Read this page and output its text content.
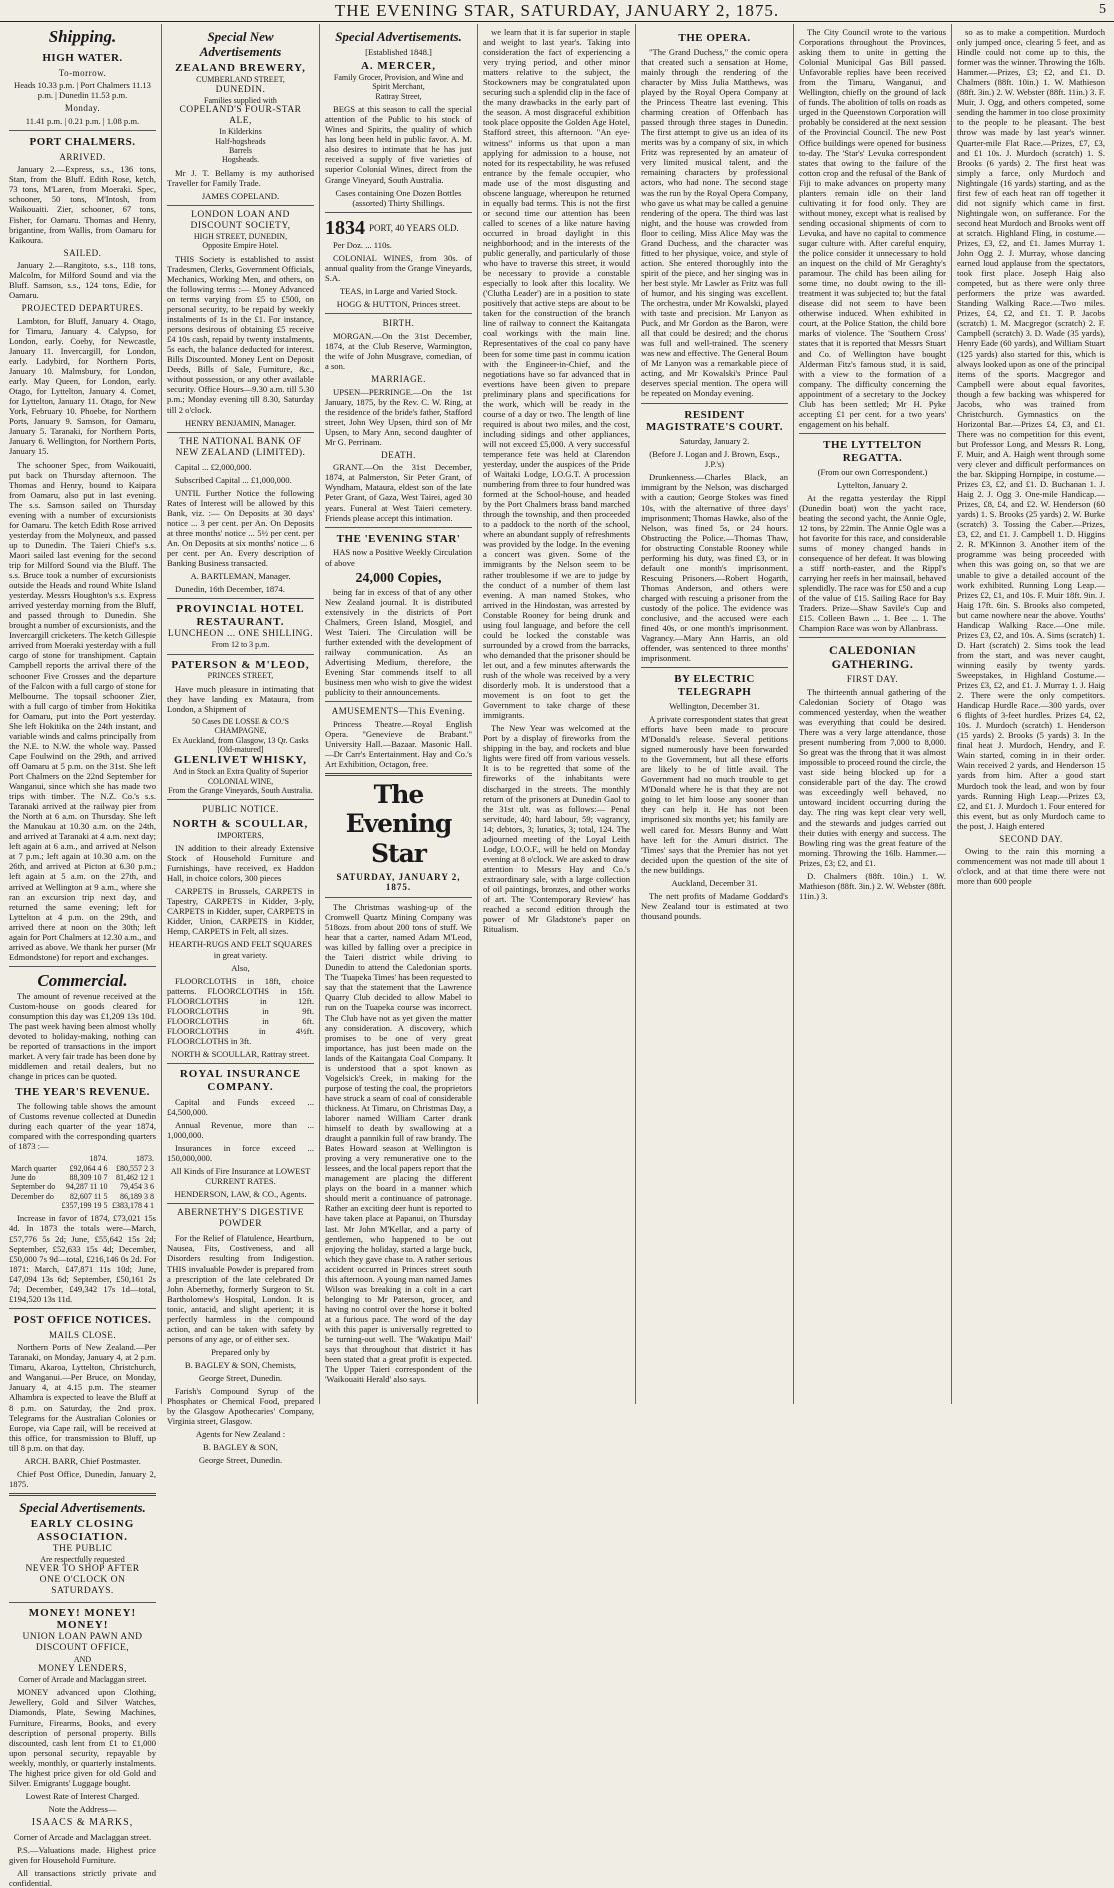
THE EVENING STAR, SATURDAY, JANUARY 2, 1875.	5
Shipping.
HIGH WATER.
To-morrow.

Heads 10.33 p.m. | Port Chalmers 11.13 p.m. | Dunedin 11.53 p.m.

Monday.

11.41 p.m. | 0.21 p.m. | 1.08 p.m.

PORT CHALMERS.
ARRIVED.

January 2.—Express, s.s., 136 tons, Stan, from the Bluff. Edith Rose, ketch, 73 tons, M'Laren, from Moeraki. Spec, schooner, 50 tons, M'Intosh, from Waikouaiti. Zier, schooner, 67 tons, Fisher, for Oamaru. Thomas and Henry, brigantine, from Wallis, from Oamaru for Kaikoura.

SAILED.

January 2.—Rangitoto, s.s., 118 tons, Malcolm, for Milford Sound and via the Bluff. Samson, s.s., 124 tons, Edie, for Oamaru.

PROJECTED DEPARTURES.

Lambton, for Bluff, January 4. Otago, for Timaru, January 4. Calypso, for London, early. Coeby, for Newcastle, January 11. Invercargill, for London, early. Ladybird, for Northern Ports, January 10. Malmsbury, for London, early. May Queen, for London, early. Otago, for Lyttelton, January 4. Comet, for Lyttelton, January 11. Otago, for New York, February 10. Phoebe, for Northern Ports, January 9. Samson, for Oamaru, January 5. Taranaki, for Northern Ports, January 6. Wellington, for Northern Ports, January 15.

The schooner Spec, from Waikouaiti, put back on Thursday afternoon. The Thomas and Henry, bound to Kaipara from Oamaru, also put in last evening. The s.s. Samson sailed on Thursday evening with a number of excursionists for Oamaru. The ketch Edith Rose arrived yesterday from the Molyneux, and passed up to Dunedin. The Taieri Chief's s.s. Maori sailed last evening for the second trip for Milford Sound via the Bluff. The s.s. Bruce took a number of excursionists outside the Heads and round White Island yesterday. Messrs Houghton's s.s. Express arrived yesterday morning from the Bluff, and passed through to Dunedin. She brought a number of excursionists, and the Invercargill cricketers. The ketch Gillespie arrived from Moeraki yesterday with a full cargo of stone for transhipment. Captain Campbell reports the arrival there of the schooner Five Crosses and the departure of the Falcon with a full cargo of stone for Melbourne. The topsail schooner Zier, with a full cargo of timber from Hokitika for Oamaru, put into the Port yesterday. She left Hokitika on the 24th instant, and variable winds and calms principally from the N.E. to N.W. the whole way. Passed Cape Foulwind on the 29th, and arrived off Oamaru at 5 p.m. on the 31st. She left Port Chalmers on the 22nd September for Wanganui, since which she has made two trips with timber. The N.Z. Co.'s s.s. Taranaki arrived at the railway pier from the North at 6 a.m. on Thursday. She left the Manukau at 10.30 a.m. on the 24th, and arrived at Taranaki at 4 a.m. next day; left again at 6 a.m., and arrived at Nelson at 7 p.m.; left again at 10.30 a.m. on the 26th, and arrived at Picton at 6.30 p.m.; left again at 5 a.m. on the 27th, and arrived at Wellington at 9 a.m., where she ran an excursion trip next day, and returned the same evening; left for Lyttelton at 4 p.m. on the 29th, and arrived there at noon on the 30th; left again for Port Chalmers at 12.30 a.m., and arrived as above. We thank her purser (Mr Edmondstone) for report and exchanges.

Commercial.

The amount of revenue received at the Custom-house on goods cleared for consumption this day was £1,209 13s 10d. The past week having been almost wholly devoted to holiday-making, nothing can be reported of transactions in the import market. A very fair trade has been done by middlemen and retail dealers, but no change in prices can be quoted.

THE YEAR'S REVENUE.

The following table shows the amount of Customs revenue collected at Dunedin during each quarter of the year 1874, compared with the corresponding quarters of 1873 :—

	1874.	1873.
March quarter	£92,064 4 6	£80,557 2 3
June do	88,309 10 7	81,462 12 1
September do	94,287 11 10	79,454 3 6
December do	82,607 11 5	86,189 3 8
	£357,199 19 5	£383,178 4 1

Increase in favor of 1874, £73,021 15s 4d. In 1873 the totals were—March, £57,776 5s 2d; June, £55,642 15s 2d; September, £52,633 15s 4d; December, £50,000 7s 9d—total, £216,146 0s 2d. For 1871: March, £47,871 11s 10d; June, £47,094 13s 6d; September, £50,161 2s 7d; December, £49,342 17s 1d—total, £194,520 13s 11d.

POST OFFICE NOTICES.
MAILS CLOSE.

Northern Ports of New Zealand.—Per Taranaki, on Monday, January 4, at 2 p.m. Timaru, Akaroa, Lyttelton, Christchurch, and Wanganui.—Per Bruce, on Monday, January 4, at 4.15 p.m. The steamer Alhambra is expected to leave the Bluff at 8 p.m. on Saturday, the 2nd prox. Telegrams for the Australian Colonies or Europe, via Cape rail, will be received at this office, for transmission to Bluff, up till 8 p.m. on that day.

ARCH. BARR, Chief Postmaster.

Chief Post Office, Dunedin, January 2, 1875.

Special Advertisements.
EARLY CLOSING ASSOCIATION.
THE PUBLIC
Are respectfully requested
NEVER TO SHOP AFTER
ONE O'CLOCK ON SATURDAYS.
MONEY! MONEY! MONEY!
UNION LOAN PAWN AND DISCOUNT OFFICE,
AND
MONEY LENDERS,
Corner of Arcade and Maclaggan street.

MONEY advanced upon Clothing, Jewellery, Gold and Silver Watches, Diamonds, Plate, Sewing Machines, Furniture, Firearms, Books, and every description of personal property. Bills discounted, cash lent from £1 to £1,000 upon personal security, repayable by weekly, monthly, or quarterly instalments. The highest price given for old Gold and Silver. Emigrants' Luggage bought.

Lowest Rate of Interest Charged.

Note the Address—

ISAACS & MARKS,

Corner of Arcade and Maclaggan street.

P.S.—Valuations made. Highest price given for Household Furniture.

All transactions strictly private and confidential.

Special New Advertisements
ZEALAND BREWERY,
CUMBERLAND STREET,
DUNEDIN.
Families supplied with
COPELAND'S FOUR-STAR ALE,
In Kilderkins
Half-hogsheads
Barrels
Hogsheads.

Mr J. T. Bellamy is my authorised Traveller for Family Trade.

JAMES COPELAND.

LONDON LOAN AND DISCOUNT SOCIETY,
HIGH STREET, DUNEDIN,
Opposite Empire Hotel.

THIS Society is established to assist Tradesmen, Clerks, Government Officials, Mechanics, Working Men, and others, on the following terms :— Money Advanced on terms varying from £5 to £500, on personal security, to be repaid by weekly instalments of 1s in the £1. For instance, persons desirous of obtaining £5 receive £4 10s cash, repaid by twenty instalments, 5s each, the balance deducted for interest. Bills Discounted. Money Lent on Deposit Deeds, Bills of Sale, Furniture, &c., without possession, or any other available security. Office Hours—9.30 a.m. till 5.30 p.m.; Monday evening till 8.30, Saturday till 2 o'clock.

HENRY BENJAMIN, Manager.

THE NATIONAL BANK OF NEW ZEALAND (LIMITED).

Capital ... £2,000,000.

Subscribed Capital ... £1,000,000.

UNTIL Further Notice the following Rates of Interest will be allowed by this Bank, viz. :— On Deposits at 30 days' notice ... 3 per cent. per An. On Deposits at three months' notice ... 5½ per cent. per An. On Deposits at six months' notice ... 6 per cent. per An. Every description of Banking Business transacted.

A. BARTLEMAN, Manager.

Dunedin, 16th December, 1874.

PROVINCIAL HOTEL RESTAURANT.
LUNCHEON ... ONE SHILLING.
From 12 to 3 p.m.
PATERSON & M'LEOD,
PRINCES STREET,

Have much pleasure in intimating that they have landing ex Mataura, from London, a Shipment of

50 Cases DE LOSSE & CO.'S CHAMPAGNE,
Ex Auckland, from Glasgow, 13 Qr. Casks [Old-matured]
GLENLIVET WHISKY,
And in Stock an Extra Quality of Superior COLONIAL WINE,
From the Grange Vineyards, South Australia.
PUBLIC NOTICE.
NORTH & SCOULLAR,
IMPORTERS,

IN addition to their already Extensive Stock of Household Furniture and Furnishings, have received, ex Haddon Hall, in choice colors, 300 pieces

CARPETS in Brussels, CARPETS in Tapestry, CARPETS in Kidder, 3-ply, CARPETS in Kidder, super, CARPETS in Kidder, Union, CARPETS in Kidder, Hemp, CARPETS in Felt, all sizes.

HEARTH-RUGS AND FELT SQUARES in great variety.

Also,

FLOORCLOTHS in 18ft, choice patterns. FLOORCLOTHS in 15ft. FLOORCLOTHS in 12ft. FLOORCLOTHS in 9ft. FLOORCLOTHS in 6ft. FLOORCLOTHS in 4½ft. FLOORCLOTHS in 3ft.

NORTH & SCOULLAR, Rattray street.

ROYAL INSURANCE COMPANY.

Capital and Funds exceed ... £4,500,000.

Annual Revenue, more than ... 1,000,000.

Insurances in force exceed ... 150,000,000.

All Kinds of Fire Insurance at LOWEST CURRENT RATES.

HENDERSON, LAW, & CO., Agents.

ABERNETHY'S DIGESTIVE POWDER

For the Relief of Flatulence, Heartburn, Nausea, Fits, Costiveness, and all Disorders resulting from Indigestion. THIS invaluable Powder is prepared from a prescription of the late celebrated Dr John Abernethy, formerly Surgeon to St. Bartholomew's Hospital, London. It is tonic, antacid, and slight aperient; it is perfectly harmless in the compound action, and can be taken with safety by persons of any age, or of either sex.

Prepared only by

B. BAGLEY & SON, Chemists,

George Street, Dunedin.

Farish's Compound Syrup of the Phosphates or Chemical Food, prepared by the Glasgow Apothecaries' Company, Virginia street, Glasgow.

Agents for New Zealand :

B. BAGLEY & SON,

George Street, Dunedin.

Special Advertisements.

[Established 1848.]

A. MERCER,
Family Grocer, Provision, and Wine and Spirit Merchant,
Rattray Street,

BEGS at this season to call the special attention of the Public to his stock of Wines and Spirits, the quality of which has long been held in public favor. A. M. also desires to intimate that he has just received a supply of five varieties of superior Colonial Wines, direct from the Grange Vineyard, South Australia.

Cases containing One Dozen Bottles (assorted) Thirty Shillings.

1834 PORT, 40 YEARS OLD.

Per Doz. ... 110s.

COLONIAL WINES, from 30s. of annual quality from the Grange Vineyards, S.A.

TEAS, in Large and Varied Stock.

HOGG & HUTTON, Princes street.

BIRTH.

MORGAN.—On the 31st December, 1874, at the Club Reserve, Warmington, the wife of John Musgrave, comedian, of a son.

MARRIAGE.

UPSEN—PERRINGE.—On the 1st January, 1875, by the Rev. C. W. Ring, at the residence of the bride's father, Stafford street, John Wey Upsen, third son of Mr Upsen, to Mary Ann, second daughter of Mr G. Perrinam.

DEATH.

GRANT.—On the 31st December, 1874, at Palmerston, Sir Peter Grant, of Wyndham, Mataura, eldest son of the late Peter Grant, of Gaza, West Tairei, aged 30 years. Funeral at West Taieri cemetery. Friends please accept this intimation.

THE 'EVENING STAR'

HAS now a Positive Weekly Circulation of above

24,000 Copies,

being far in excess of that of any other New Zealand journal. It is distributed extensively in the districts of Port Chalmers, Green Island, Mosgiel, and West Taieri. The Circulation will be further extended with the development of railway communication. As an Advertising Medium, therefore, the Evening Star commends itself to all business men who wish to give the widest publicity to their announcements.

AMUSEMENTS—This Evening.

Princess Theatre.—Royal English Opera. "Genevieve de Brabant." University Hall.—Bazaar. Masonic Hall.—Dr Carr's Entertainment. Hay and Co.'s Art Exhibition, Octagon, free.

The Evening Star
SATURDAY, JANUARY 2, 1875.

The Christmas washing-up of the Cromwell Quartz Mining Company was 518ozs. from about 200 tons of stuff. We hear that a carter, named Adam M'Leod, was killed by falling over a precipice in the Taieri district while driving to Dunedin to attend the Caledonian sports. The 'Tuapeka Times' has been requested to say that the statement that the Lawrence Quarry Club decided to allow Mabel to run on the Tuapeka course was incorrect. The Club have not as yet given the matter any consideration. A discovery, which promises to be one of very great importance, has just been made on the lands of the Kaitangata Coal Company. It is understood that a spot known as Vogelsick's Creek, in making for the purpose of testing the coal, the proprietors have struck a seam of coal of considerable thickness. At Timaru, on Christmas Day, a laborer named William Carter drank himself to death by swallowing at a draught a pannikin full of raw brandy. The Bates Howard season at Wellington is proving a very remunerative one to the lessees, and the local papers report that the management are placing the different plays on the board in a manner which should merit a continuance of patronage. Rather an exciting deer hunt is reported to have taken place at Papanui, on Thursday last. Mr John M'Kellar, and a party of gentlemen, who happened to be out enjoying the holiday, started a large buck, which they gave chase to. A rather serious accident occurred in Princes street south this afternoon. A young man named James Wilson was breaking in a colt in a cart belonging to Mr Paterson, grocer, and having no control over the horse it bolted at a furious pace. The word of the day with this paper is universally regretted to be turning-out well. The 'Wakatipu Mail' says that throughout that district it has been stated that a great profit is expected. The Upper Taieri correspondent of the 'Waikouaiti Herald' also says.

we learn that it is far superior in staple and weight to last year's. Taking into consideration the fact of experiencing a very trying period, and other minor matters relative to the subject, the Stockowners may be congratulated upon securing such a splendid clip in the face of the many drawbacks in the early part of the season. A most disgraceful exhibition took place opposite the Golden Age Hotel, Stafford street, this afternoon. "An eye-witness" informs us that upon a man applying for admission to a house, not noted for its respectability, he was refused entrance by the female occupier, who made use of the most disgusting and obscene language, whereupon he returned in equally bad terms. This is not the first or second time our attention has been called to scenes of a like nature having occurred in broad daylight in this neighborhood; and in the interests of the public generally, and particularly of those who have to traverse this street, it would be necessary to provide a constable especially to look after this locality. We ('Clutha Leader') are in a position to state positively that active steps are about to be taken for the construction of the branch line of railway to connect the Kaitangata coal workings with the main line. Representatives of the coal co pany have been for some time past in commu ication with the Engineer-in-Chief, and the negotiations have so far advanced that in evertions have been given to prepare preliminary plans and specifications for the work, which will be ready in the course of a day or two. The length of line required is about two miles, and the cost, including sidings and other appliances, will not exceed £5,000. A very successful temperance fete was held at Clarendon yesterday, under the auspices of the Pride of Waitaki Lodge, I.O.G.T. A procession numbering from three to four hundred was formed at the School-house, and headed by the Port Chalmers brass band marched through the township, and then proceeded to a paddock to the north of the school, where an abundant supply of refreshments was provided by the lodge. In the evening a concert was given. Some of the immigrants by the Nelson seem to be rather troublesome if we are to judge by the conduct of a number of them last evening. A man named Stokes, who arrived in the Hindostan, was arrested by Constable Rooney for being drunk and using foul language, and before the cell could be locked the constable was surrounded by a crowd from the barracks, who demanded that the prisoner should be let out, and a few minutes afterwards the rush of the whole was received by a very disorderly mob. It is understood that a movement is on foot to get the Government to take charge of these immigrants.

The New Year was welcomed at the Port by a display of fireworks from the shipping in the bay, and rockets and blue lights were fired off from various vessels. It is to be regretted that some of the fireworks of the inhabitants were discharged in the streets. The monthly return of the prisoners at Dunedin Gaol to the 31st ult. was as follows:— Penal servitude, 40; hard labour, 59; vagrancy, 14; debtors, 3; lunatics, 3; total, 124. The adjourned meeting of the Loyal Leith Lodge, I.O.O.F., will be held on Monday evening at 8 o'clock. We are asked to draw attention to Messrs Hay and Co.'s extraordinary sale, with a large collection of oil paintings, bronzes, and other works of art. The 'Contemporary Review' has reached a second edition through the power of Mr Gladstone's paper on Ritualism.

THE OPERA.

"The Grand Duchess," the comic opera that created such a sensation at Home, mainly through the rendering of the character by Miss Julia Matthews, was played by the Royal Opera Company at the Princess Theatre last evening. This charming creation of Offenbach has passed through three stages in Dunedin. The first attempt to give us an idea of its merits was by a company of six, in which Fritz was represented by an amateur of very limited musical talent, and the remaining characters by professional actors, who had none. The second stage was the run by the Royal Opera Company, who gave us what may be called a genuine rendering of the opera. The third was last night, and the house was crowded from floor to ceiling. Miss Alice May was the Grand Duchess, and the character was fitted to her physique, voice, and style of action. She entered thoroughly into the spirit of the piece, and her singing was in her best style. Mr Lawler as Fritz was full of humor, and his singing was excellent. The orchestra, under Mr Kowalski, played with taste and precision. Mr Lanyon as Puck, and Mr Gordon as the Baron, were all that could be desired; and the chorus was full and well-trained. The scenery was new and effective. The General Boum of Mr Lanyon was a remarkable piece of acting, and Mr Kowalski's Prince Paul deserves special mention. The opera will be repeated on Monday evening.

RESIDENT MAGISTRATE'S COURT.

Saturday, January 2.

(Before J. Logan and J. Brown, Esqs., J.P.'s)

Drunkenness.—Charles Black, an immigrant by the Nelson, was discharged with a caution; George Stokes was fined 10s, with the alternative of three days' imprisonment; Thomas Hawke, also of the Nelson, was fined 5s, or 24 hours. Obstructing the Police.—Thomas Thaw, for obstructing Constable Rooney while performing his duty, was fined £3, or in default one month's imprisonment. Rescuing Prisoners.—Robert Hogarth, Thomas Anderson, and others were charged with rescuing a prisoner from the custody of the police. The evidence was conclusive, and the accused were each fined 40s, or one month's imprisonment. Vagrancy.—Mary Ann Harris, an old offender, was sentenced to three months' imprisonment.

BY ELECTRIC TELEGRAPH

Wellington, December 31.

A private correspondent states that great efforts have been made to procure M'Donald's release. Several petitions signed numerously have been forwarded to the Government, but all these efforts are likely to be of little avail. The Government had no much trouble to get M'Donald where he is that they are not going to let him loose any sooner than they can help it. He has not been imprisoned six months yet; his family are well cared for. Messrs Bunny and Watt have left for the Amuri district. The 'Times' says that the Premier has not yet decided upon the question of the site of the new buildings.

Auckland, December 31.

The nett profits of Madame Goddard's New Zealand tour is estimated at two thousand pounds.

The City Council wrote to the various Corporations throughout the Provinces, asking them to unite in getting the Colonial Municipal Gas Bill passed. Unfavorable replies have been received from the Timaru, Wanganui, and Wellington, chiefly on the ground of lack of funds. The abolition of tolls on roads as urged in the Queenstown Corporation will probably be considered at the next session of the Provincial Council. The new Post Office buildings were opened for business to-day. The 'Star's' Levuka correspondent states that owing to the failure of the cotton crop and the refusal of the Bank of Fiji to make advances on property many planters remain idle on their land cultivating it for food only. They are without money, except what is realised by sending occasional shipments of corn to Levuka, and have no capital to commence sugar culture with. After careful enquiry, the police consider it unnecessary to hold an inquest on the child of Mr Geraghty's paramour. The child has been ailing for some time, no doubt owing to the ill-treatment it was subjected to; but the fatal disease did not seem to have been otherwise induced. When exhibited in court, at the Police Station, the child bore marks of violence. The 'Southern Cross' states that it is reported that Messrs Stuart and Co. of Wellington have bought Alderman Fitz's famous stud, it is said, with a view to the formation of a company. The difficulty concerning the appointment of a secretary to the Jockey Club has been settled; Mr H. Pyke accepting £1 per cent. for a two years' engagement on his behalf.

THE LYTTELTON REGATTA.

(From our own Correspondent.)

Lyttelton, January 2.

At the regatta yesterday the Rippl (Dunedin boat) won the yacht race, beating the second yacht, the Annie Ogle, 12 tons, by 22min. The Annie Ogle was a hot favorite for this race, and considerable sums of money changed hands in consequence of her defeat. It was blowing a stiff north-easter, and the Rippl's carrying her reefs in her mainsail, behaved splendidly. The race was for £50 and a cup of the value of £15. Sailing Race for Bay Traders. Prize—Shaw Savile's Cup and £15. Colleen Bawn ... 1. Bee ... 1. The Champion Race was won by Allanbrass.

CALEDONIAN GATHERING.
FIRST DAY.

The thirteenth annual gathering of the Caledonian Society of Otago was commenced yesterday, when the weather was everything that could be desired. There was a very large attendance, those present numbering from 7,000 to 8,000. So great was the throng that it was almost impossible to proceed round the circle, the vast side being blocked up for a considerable part of the day. The crowd was exceedingly well behaved, no untoward incident occurring during the day. The ring was kept clear very well, and the stewards and judges carried out their duties with energy and success. The Bowling ring was the great feature of the morning. Throwing the 16lb. Hammer.—Prizes, £3; £2, and £1.

D. Chalmers (88ft. 10in.) 1. W. Mathieson (88ft. 3in.) 2. W. Webster (88ft. 11in.) 3.

so as to make a competition. Murdoch only jumped once, clearing 5 feet, and as Hindle could not come up to this, the former was the winner. Throwing the 16lb. Hammer.—Prizes, £3; £2, and £1. D. Chalmers (88ft. 10in.) 1. W. Mathieson (88ft. 3in.) 2. W. Webster (88ft. 11in.) 3. F. Muir, J. Ogg, and others competed, some sending the hammer in too close proximity to the people to be pleasant. The best throw was made by last year's winner. Quarter-mile Flat Race.—Prizes, £7, £3, and £1 10s. J. Murdoch (scratch) 1. S. Brooks (6 yards) 2. The first heat was simply a farce, only Murdoch and Nightingale (16 yards) starting, and as the first few of each heat ran off together it did not signify which came in first. Nightingale won, on sufferance. For the second heat Murdoch and Brooks went off at scratch. Highland Fling, in costume.—Prizes, £3, £2, and £1. James Murray 1. John Ogg 2. J. Murray, whose dancing earned loud applause from the spectators, took first place. Joseph Haig also competed, but as there were only three performers the prize was awarded. Standing Walking Race.—Two miles. Prizes, £4, £2, and £1. T. P. Jacobs (scratch) 1. M. Macgregor (scratch) 2. F. Campbell (scratch) 3. D. Wade (35 yards), Henry Eade (60 yards), and William Stuart (125 yards) also started for this, which is always looked upon as one of the principal items of the sports. Macgregor and Campbell were about equal favorites, though a few backing was whispered for Jacobs, who was trained from Christchurch. Gymnastics on the Horizontal Bar.—Prizes £4, £3, and £1. There was no competition for this event, but Professor Long, and Messrs R. Long, F. Muir, and A. Haigh went through some very clever and difficult performances on the bar. Skipping Hornpipe, in costume.—Prizes £3, £2, and £1. D. Buchanan 1. J. Haig 2. J. Ogg 3. One-mile Handicap.—Prizes, £8, £4, and £2. W. Henderson (60 yards) 1. S. Brooks (25 yards) 2. W. Burke (scratch) 3. Tossing the Caber.—Prizes, £3, £2, and £1. J. Campbell 1. D. Higgins 2. R. M'Kinnon 3. Another item of the programme was being proceeded with when this was going on, so that we are unable to give a detailed account of the work exhibited. Running Long Leap.—Prizes £2, £1, and 10s. F. Muir 18ft. 9in. J. Haig 17ft. 6in. S. Brooks also competed, but came nowhere near the above. Youths' Handicap Walking Race.—One mile. Prizes £3, £2, and 10s. A. Sims (scratch) 1. D. Hart (scratch) 2. Sims took the lead from the start, and was never caught, winning easily by twenty yards. Sweepstakes, in Highland Costume.—Prizes £3, £2, and £1. J. Murray 1. J. Haig 2. There were the only competitors. Handicap Hurdle Race.—300 yards, over 6 flights of 3-feet hurdles. Prizes £4, £2, 10s. J. Murdoch (scratch) 1. Henderson (15 yards) 2. Brooks (5 yards) 3. In the final heat J. Murdoch, Hendry, and F. Wain started, coming in in their order. Wain received 2 yards, and Henderson 15 yards from him. After a good start Murdoch took the lead, and won by four yards. Running High Leap.—Prizes £3, £2, and £1. J. Murdoch 1. Four entered for this event, but as only Murdoch came to the post, J. Haigh entered

SECOND DAY.

Owing to the rain this morning a commencement was not made till about 1 o'clock, and at that time there were not more than 600 people
